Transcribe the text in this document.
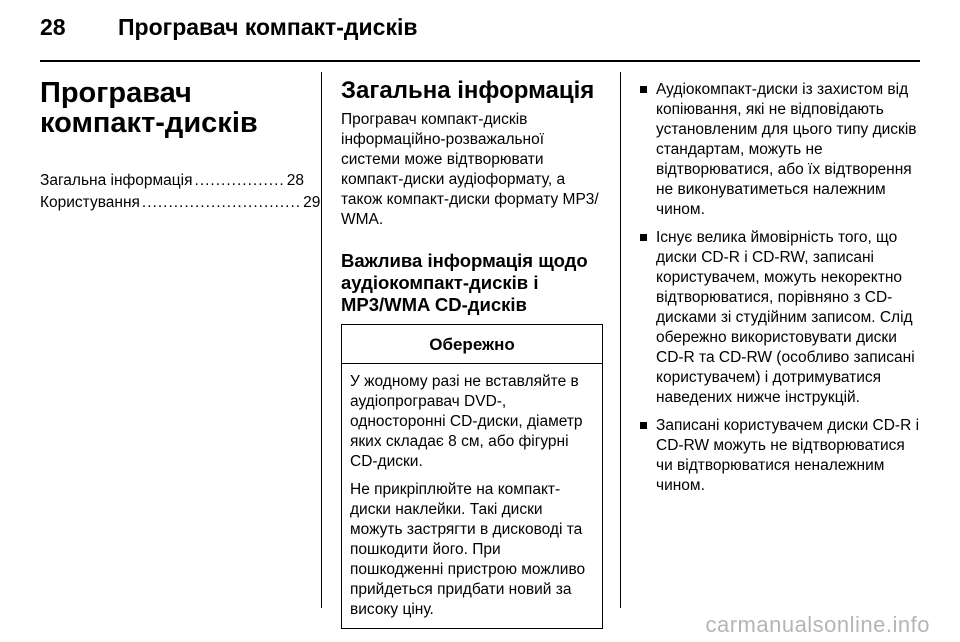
28 Програвач компакт-дисків
Програвач компакт-дисків
Загальна інформація ................. 28
Користування .............................. 29
Загальна інформація

Програвач компакт-дисків інформаційно-розважальної системи може відтворювати компакт-диски аудіоформату, а також компакт-диски формату MP3/ WMA.

Важлива інформація щодо аудіокомпакт-дисків і MP3/WMA CD-дисків
Обережно

У жодному разі не вставляйте в аудіопрогравач DVD-, односторонні CD-диски, діаметр яких складає 8 см, або фігурні CD-диски.

Не прикріплюйте на компакт-диски наклейки. Такі диски можуть застрягти в дисководі та пошкодити його. При пошкодженні пристрою можливо прийдеться придбати новий за високу ціну.

Аудіокомпакт-диски із захистом від копіювання, які не відповідають установленим для цього типу дисків стандартам, можуть не відтворюватися, або їх відтворення не виконуватиметься належним чином.
Існує велика ймовірність того, що диски CD-R і CD-RW, записані користувачем, можуть некоректно відтворюватися, порівняно з CD-дисками зі студійним записом. Слід обережно використовувати диски CD-R та CD-RW (особливо записані користувачем) і дотримуватися наведених нижче інструкцій.
Записані користувачем диски CD-R і CD-RW можуть не відтворюватися чи відтворюватися неналежним чином.
carmanualsonline.info
